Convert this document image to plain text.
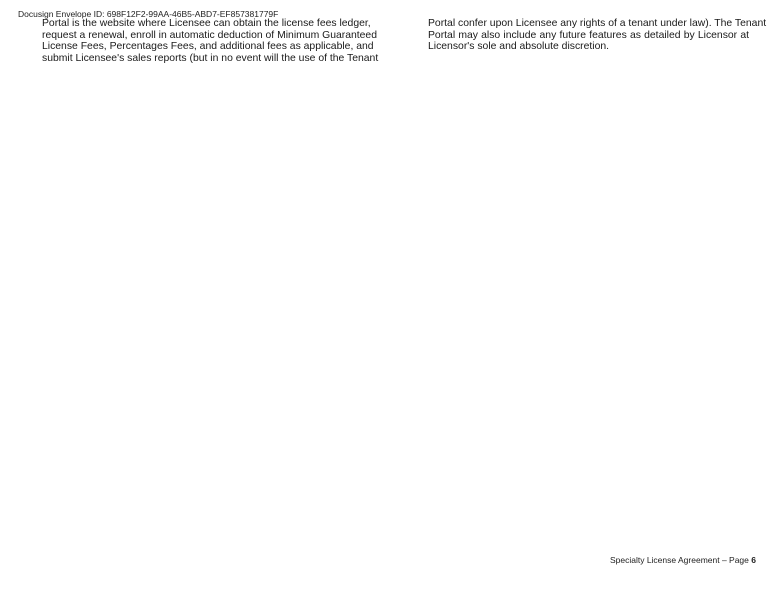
Docusign Envelope ID: 698F12F2-99AA-46B5-ABD7-EF857381779F
Portal is the website where Licensee can obtain the license fees ledger,
request a renewal, enroll in automatic deduction of Minimum Guaranteed
License Fees, Percentages Fees, and additional fees as applicable, and
submit Licensee's sales reports (but in no event will the use of the Tenant
Portal confer upon Licensee any rights of a tenant under law). The Tenant
Portal may also include any future features as detailed by Licensor at
Licensor's sole and absolute discretion.
Specialty License Agreement – Page 6
